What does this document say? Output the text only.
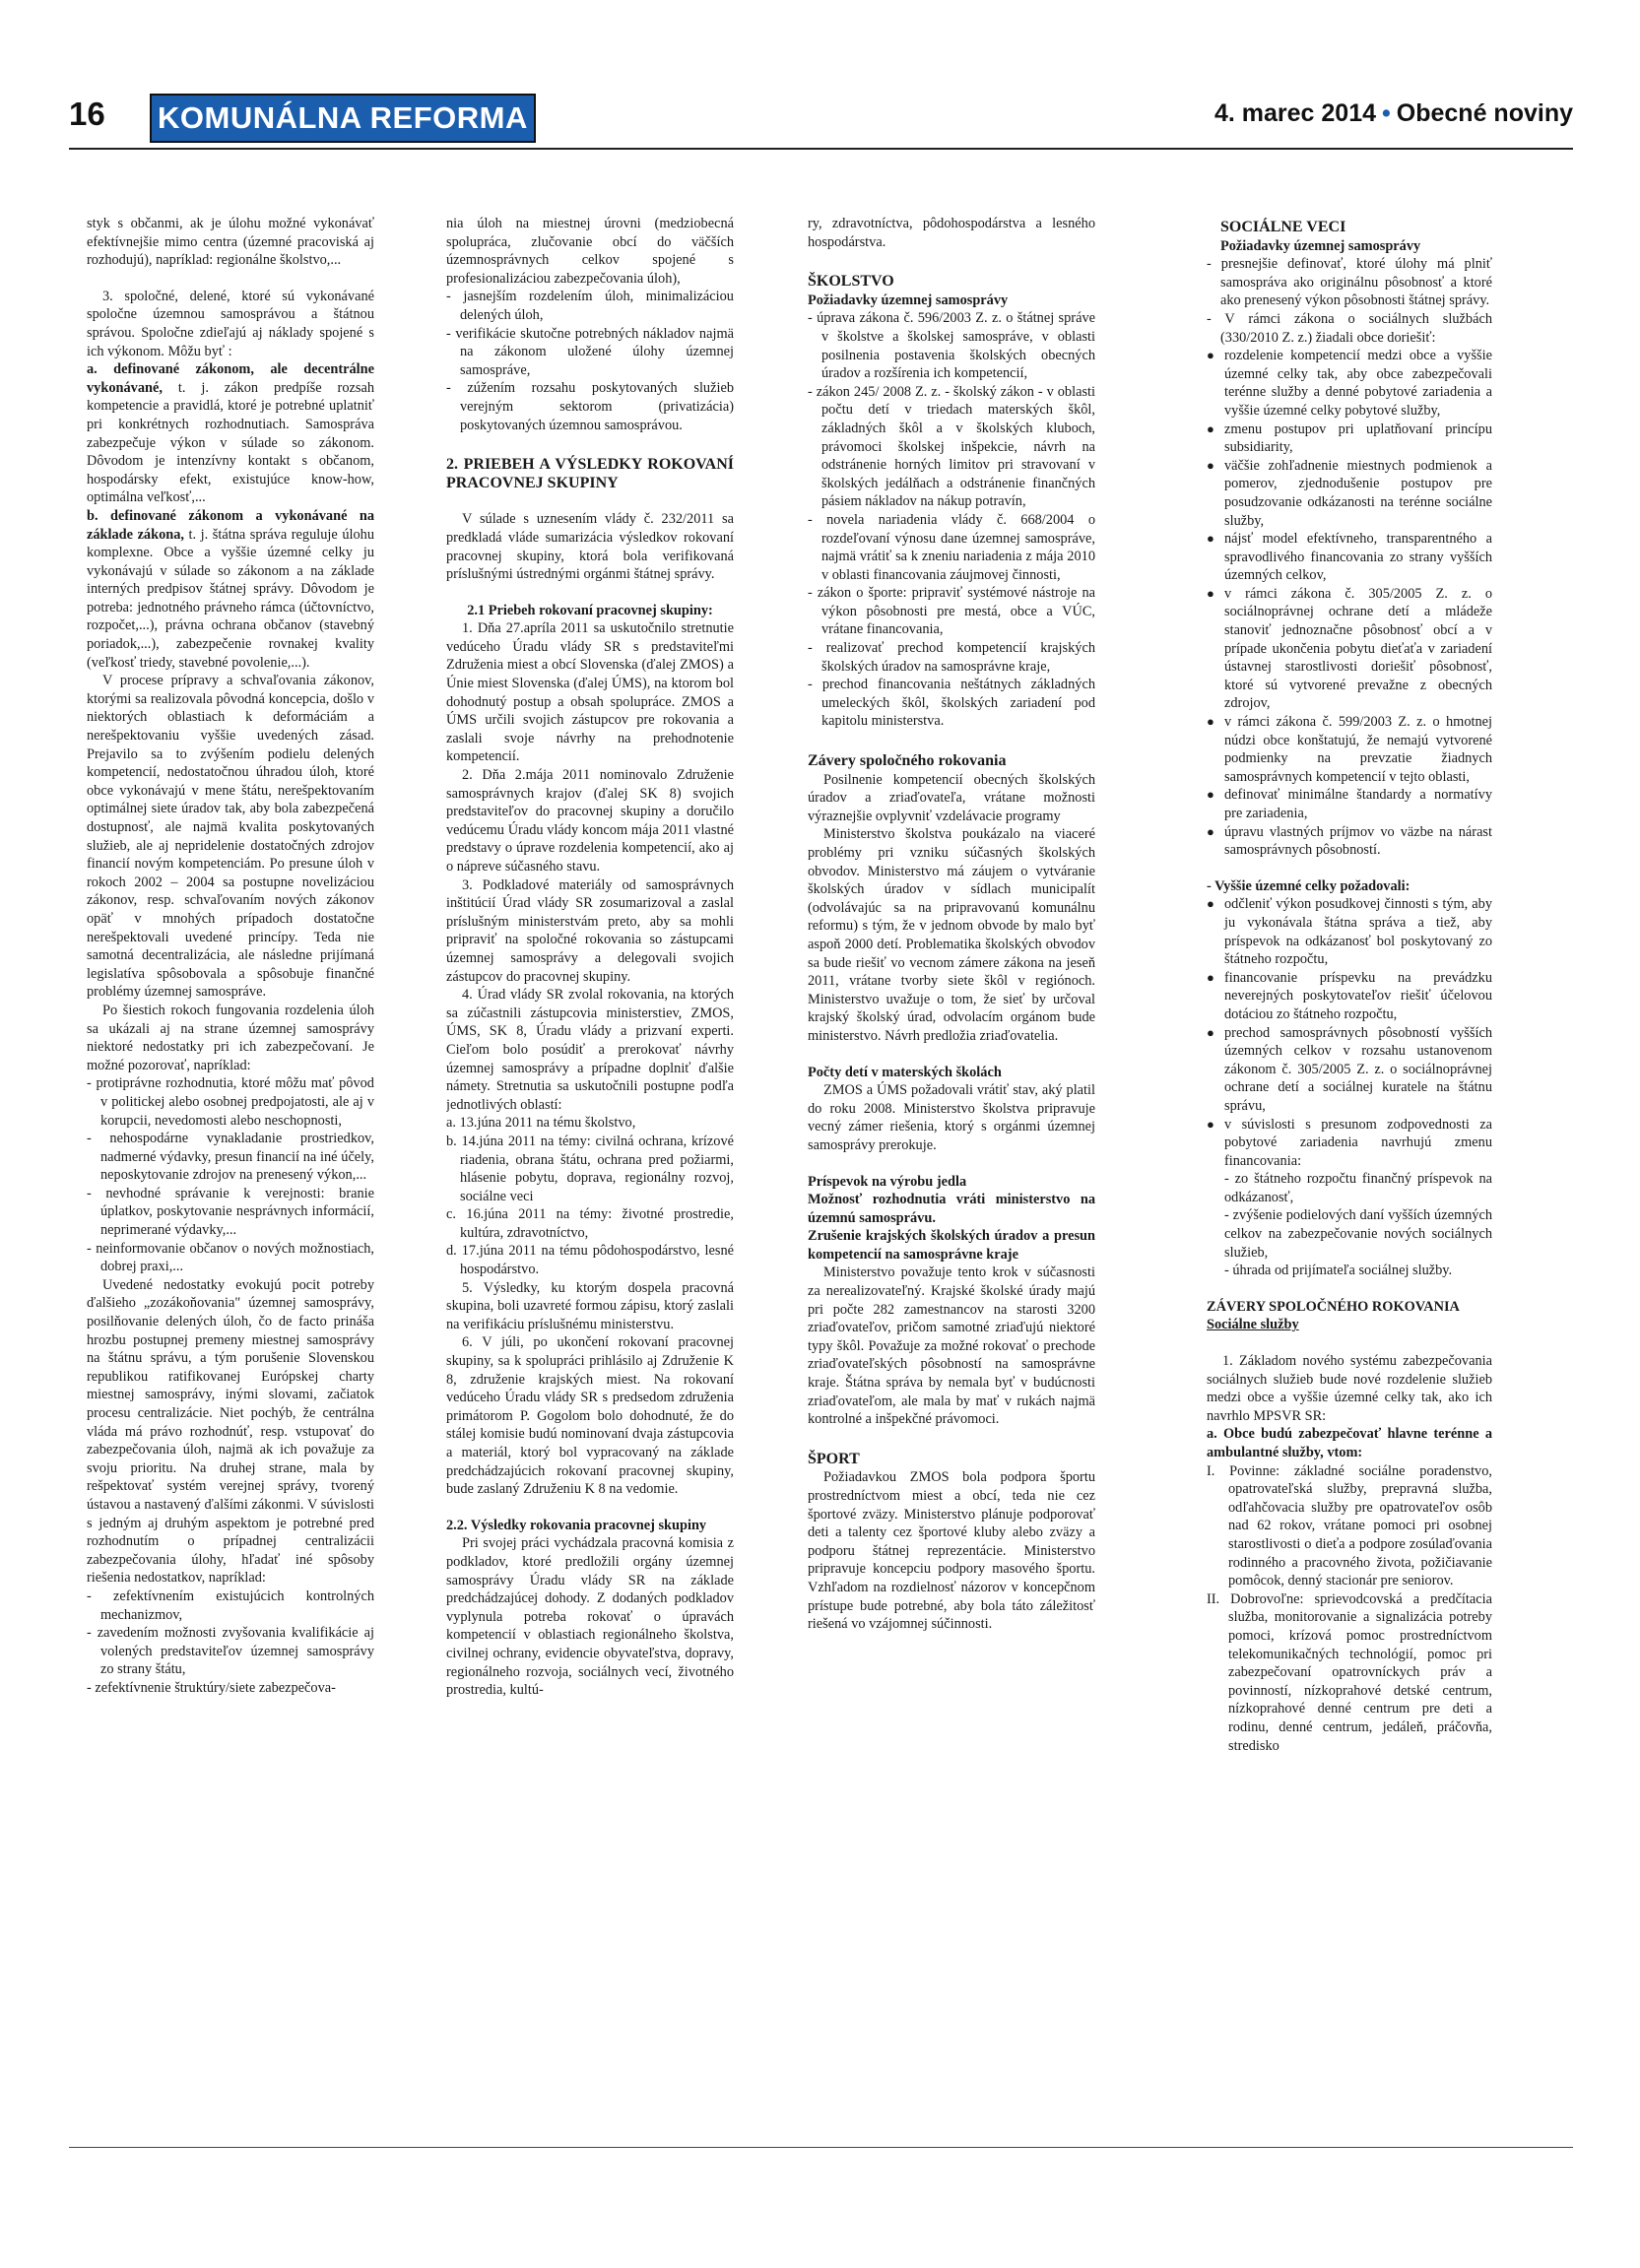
16 KOMUNÁLNA REFORMA	4. marec 2014 • Obecné noviny

styk s občanmi, ak je úlohu možné vykonávať efektívnejšie mimo centra (územné pracoviská aj rozhodujú), napríklad: regionálne školstvo,...

3. spoločné, delené, ktoré sú vykonávané spoločne územnou samosprávou a štátnou správou. Spoločne zdieľajú aj náklady spojené s ich výkonom. Môžu byť :

a. definované zákonom, ale decentrálne vykonávané, t. j. zákon predpíše rozsah kompetencie a pravidlá, ktoré je potrebné uplatniť pri konkrétnych rozhodnutiach. Samospráva zabezpečuje výkon v súlade so zákonom. Dôvodom je intenzívny kontakt s občanom, hospodársky efekt, existujúce know-how, optimálna veľkosť,...

b. definované zákonom a vykonávané na základe zákona, t. j. štátna správa reguluje úlohu komplexne. Obce a vyššie územné celky ju vykonávajú v súlade so zákonom a na základe interných predpisov štátnej správy. Dôvodom je potreba: jednotného právneho rámca (účtovníctvo, rozpočet,...), právna ochrana občanov (stavebný poriadok,...), zabezpečenie rovnakej kvality (veľkosť triedy, stavebné povolenie,...).

V procese prípravy a schvaľovania zákonov, ktorými sa realizovala pôvodná koncepcia, došlo v niektorých oblastiach k deformáciám a nerešpektovaniu vyššie uvedených zásad. Prejavilo sa to zvýšením podielu delených kompetencií, nedostatočnou úhradou úloh, ktoré obce vykonávajú v mene štátu, nerešpektovaním optimálnej siete úradov tak, aby bola zabezpečená dostupnosť, ale najmä kvalita poskytovaných služieb, ale aj nepridelenie dostatočných zdrojov financií novým kompetenciám. Po presune úloh v rokoch 2002 – 2004 sa postupne novelizáciou zákonov, resp. schvaľovaním nových zákonov opäť v mnohých prípadoch dostatočne nerešpektovali uvedené princípy. Teda nie samotná decentralizácia, ale následne prijímaná legislatíva spôsobovala a spôsobuje finančné problémy územnej samospráve.

Po šiestich rokoch fungovania rozdelenia úloh sa ukázali aj na strane územnej samosprávy niektoré nedostatky pri ich zabezpečovaní. Je možné pozorovať, napríklad:

- protiprávne rozhodnutia, ktoré môžu mať pôvod v politickej alebo osobnej predpojatosti, ale aj v korupcii, nevedomosti alebo neschopnosti,
- nehospodárne vynakladanie prostriedkov, nadmerné výdavky, presun financií na iné účely, neposkytovanie zdrojov na prenesený výkon,...
- nevhodné správanie k verejnosti: branie úplatkov, poskytovanie nesprávnych informácií, neprimerané výdavky,...
- neinformovanie občanov o nových možnostiach, dobrej praxi,...

Uvedené nedostatky evokujú pocit potreby ďalšieho „zozákoňovania" územnej samosprávy, posilňovanie delených úloh, čo de facto prináša hrozbu postupnej premeny miestnej samosprávy na štátnu správu, a tým porušenie Slovenskou republikou ratifikovanej Európskej charty miestnej samosprávy, inými slovami, začiatok procesu centralizácie. Niet pochýb, že centrálna vláda má právo rozhodnúť, resp. vstupovať do zabezpečovania úloh, najmä ak ich považuje za svoju prioritu. Na druhej strane, mala by rešpektovať systém verejnej správy, tvorený ústavou a nastavený ďalšími zákonmi. V súvislosti s jedným aj druhým aspektom je potrebné pred rozhodnutím o prípadnej centralizácii zabezpečovania úlohy, hľadať iné spôsoby riešenia nedostatkov, napríklad:

- zefektívnením existujúcich kontrolných mechanizmov,
- zavedením možnosti zvyšovania kvalifikácie aj volených predstaviteľov územnej samosprávy zo strany štátu,
- zefektívnenie štruktúry/siete zabezpečova-

nia úloh na miestnej úrovni (medziobecná spolupráca, zlučovanie obcí do väčších územnosprávnych celkov spojené s profesionalizáciou zabezpečovania úloh),

- jasnejším rozdelením úloh, minimalizáciou delených úloh,
- verifikácie skutočne potrebných nákladov najmä na zákonom uložené úlohy územnej samospráve,
- zúžením rozsahu poskytovaných služieb verejným sektorom (privatizácia) poskytovaných územnou samosprávou.

2. PRIEBEH A VÝSLEDKY ROKOVANÍ PRACOVNEJ SKUPINY

V súlade s uznesením vlády č. 232/2011 sa predkladá vláde sumarizácia výsledkov rokovaní pracovnej skupiny, ktorá bola verifikovaná príslušnými ústrednými orgánmi štátnej správy.

2.1 Priebeh rokovaní pracovnej skupiny:

1. Dňa 27.apríla 2011 sa uskutočnilo stretnutie vedúceho Úradu vlády SR s predstaviteľmi Združenia miest a obcí Slovenska (ďalej ZMOS) a Únie miest Slovenska (ďalej ÚMS), na ktorom bol dohodnutý postup a obsah spolupráce. ZMOS a ÚMS určili svojich zástupcov pre rokovania a zaslali svoje návrhy na prehodnotenie kompetencií.

2. Dňa 2.mája 2011 nominovalo Združenie samosprávnych krajov (ďalej SK 8) svojich predstaviteľov do pracovnej skupiny a doručilo vedúcemu Úradu vlády koncom mája 2011 vlastné predstavy o úprave rozdelenia kompetencií, ako aj o nápreve súčasného stavu.

3. Podkladové materiály od samosprávnych inštitúcií Úrad vlády SR zosumarizoval a zaslal príslušným ministerstvám preto, aby sa mohli pripraviť na spoločné rokovania so zástupcami územnej samosprávy a delegovali svojich zástupcov do pracovnej skupiny.

4. Úrad vlády SR zvolal rokovania, na ktorých sa zúčastnili zástupcovia ministerstiev, ZMOS, ÚMS, SK 8, Úradu vlády a prizvaní experti. Cieľom bolo posúdiť a prerokovať návrhy územnej samosprávy a prípadne doplniť ďalšie námety. Stretnutia sa uskutočnili postupne podľa jednotlivých oblastí:

a. 13.júna 2011 na tému školstvo,
b. 14.júna 2011 na témy: civilná ochrana, krízové riadenia, obrana štátu, ochrana pred požiarmi, hlásenie pobytu, doprava, regionálny rozvoj, sociálne veci
c. 16.júna 2011 na témy: životné prostredie, kultúra, zdravotníctvo,
d. 17.júna 2011 na tému pôdohospodárstvo, lesné hospodárstvo.

5. Výsledky, ku ktorým dospela pracovná skupina, boli uzavreté formou zápisu, ktorý zaslali na verifikáciu príslušnému ministerstvu.

6. V júli, po ukončení rokovaní pracovnej skupiny, sa k spolupráci prihlásilo aj Združenie K 8, združenie krajských miest. Na rokovaní vedúceho Úradu vlády SR s predsedom združenia primátorom P. Gogolom bolo dohodnuté, že do stálej komisie budú nominovaní dvaja zástupcovia a materiál, ktorý bol vypracovaný na základe predchádzajúcich rokovaní pracovnej skupiny, bude zaslaný Združeniu K 8 na vedomie.

2.2. Výsledky rokovania pracovnej skupiny

Pri svojej práci vychádzala pracovná komisia z podkladov, ktoré predložili orgány územnej samosprávy Úradu vlády SR na základe predchádzajúcej dohody. Z dodaných podkladov vyplynula potreba rokovať o úpravách kompetencií v oblastiach regionálneho školstva, civilnej ochrany, evidencie obyvateľstva, dopravy, regionálneho rozvoja, sociálnych vecí, životného prostredia, kultú-

ry, zdravotníctva, pôdohospodárstva a lesného hospodárstva.

ŠKOLSTVO

Požiadavky územnej samosprávy

- úprava zákona č. 596/2003 Z. z. o štátnej správe v školstve a školskej samospráve, v oblasti posilnenia postavenia školských obecných úradov a rozšírenia ich kompetencií,
- zákon 245/ 2008 Z. z. - školský zákon - v oblasti počtu detí v triedach materských škôl, základných škôl a v školských kluboch, právomoci školskej inšpekcie, návrh na odstránenie horných limitov pri stravovaní v školských jedálňach a odstránenie finančných pásiem nákladov na nákup potravín,
- novela nariadenia vlády č. 668/2004 o rozdeľovaní výnosu dane územnej samospráve, najmä vrátiť sa k zneniu nariadenia z mája 2010 v oblasti financovania záujmovej činnosti,
- zákon o športe: pripraviť systémové nástroje na výkon pôsobnosti pre mestá, obce a VÚC, vrátane financovania,
- realizovať prechod kompetencií krajských školských úradov na samosprávne kraje,
- prechod financovania neštátnych základných umeleckých škôl, školských zariadení pod kapitolu ministerstva.

Závery spoločného rokovania

Posilnenie kompetencií obecných školských úradov a zriaďovateľa, vrátane možnosti výraznejšie ovplyvniť vzdelávacie programy

Ministerstvo školstva poukázalo na viaceré problémy pri vzniku súčasných školských obvodov. Ministerstvo má záujem o vytváranie školských úradov v sídlach municipalít (odvolávajúc sa na pripravovanú komunálnu reformu) s tým, že v jednom obvode by malo byť aspoň 2000 detí. Problematika školských obvodov sa bude riešiť vo vecnom zámere zákona na jeseň 2011, vrátane tvorby siete škôl v regiónoch. Ministerstvo uvažuje o tom, že sieť by určoval krajský školský úrad, odvolacím orgánom bude ministerstvo. Návrh predložia zriaďovatelia.

Počty detí v materských školách

ZMOS a ÚMS požadovali vrátiť stav, aký platil do roku 2008. Ministerstvo školstva pripravuje vecný zámer riešenia, ktorý s orgánmi územnej samosprávy prerokuje.

Príspevok na výrobu jedla

Možnosť rozhodnutia vráti ministerstvo na územnú samosprávu.

Zrušenie krajských školských úradov a presun kompetencií na samosprávne kraje

Ministerstvo považuje tento krok v súčasnosti za nerealizovateľný. Krajské školské úrady majú pri počte 282 zamestnancov na starosti 3200 zriaďovateľov, pričom samotné zriaďujú niektoré typy škôl. Považuje za možné rokovať o prechode zriaďovateľských pôsobností na samosprávne kraje. Štátna správa by nemala byť v budúcnosti zriaďovateľom, ale mala by mať v rukách najmä kontrolné a inšpekčné právomoci.

ŠPORT

Požiadavkou ZMOS bola podpora športu prostredníctvom miest a obcí, teda nie cez športové zväzy. Ministerstvo plánuje podporovať deti a talenty cez športové kluby alebo zväzy a podporu štátnej reprezentácie. Ministerstvo pripravuje koncepciu podpory masového športu. Vzhľadom na rozdielnosť názorov v koncepčnom prístupe bude potrebné, aby bola táto záležitosť riešená vo vzájomnej súčinnosti.

SOCIÁLNE VECI

Požiadavky územnej samosprávy

- presnejšie definovať, ktoré úlohy má plniť samospráva ako originálnu pôsobnosť a ktoré ako prenesený výkon pôsobnosti štátnej správy.
- V rámci zákona o sociálnych službách (330/2010 Z. z.) žiadali obce doriešiť:
● rozdelenie kompetencií medzi obce a vyššie územné celky tak, aby obce zabezpečovali terénne služby a denné pobytové zariadenia a vyššie územné celky pobytové služby,
● zmenu postupov pri uplatňovaní princípu subsidiarity,
● väčšie zohľadnenie miestnych podmienok a pomerov, zjednodušenie postupov pre posudzovanie odkázanosti na terénne sociálne služby,
● nájsť model efektívneho, transparentného a spravodlivého financovania zo strany vyšších územných celkov,
● v rámci zákona č. 305/2005 Z. z. o sociálnoprávnej ochrane detí a mládeže stanoviť jednoznačne pôsobnosť obcí a v prípade ukončenia pobytu dieťaťa v zariadení ústavnej starostlivosti doriešiť pôsobnosť, ktoré sú vytvorené prevažne z obecných zdrojov,
● v rámci zákona č. 599/2003 Z. z. o hmotnej núdzi obce konštatujú, že nemajú vytvorené podmienky na prevzatie žiadnych samosprávnych kompetencií v tejto oblasti,
● definovať minimálne štandardy a normatívy pre zariadenia,
● úpravu vlastných príjmov vo väzbe na nárast samosprávnych pôsobností.

- Vyššie územné celky požadovali:

● odčleniť výkon posudkovej činnosti s tým, aby ju vykonávala štátna správa a tiež, aby príspevok na odkázanosť bol poskytovaný zo štátneho rozpočtu,
● financovanie príspevku na prevádzku neverejných poskytovateľov riešiť účelovou dotáciou zo štátneho rozpočtu,
● prechod samosprávnych pôsobností vyšších územných celkov v rozsahu ustanovenom zákonom č. 305/2005 Z. z. o sociálnoprávnej ochrane detí a sociálnej kuratele na štátnu správu,
● v súvislosti s presunom zodpovednosti za pobytové zariadenia navrhujú zmenu financovania:

- zo štátneho rozpočtu finančný príspevok na odkázanosť,

- zvýšenie podielových daní vyšších územných celkov na zabezpečovanie nových sociálnych služieb,

- úhrada od prijímateľa sociálnej služby.

ZÁVERY SPOLOČNÉHO ROKOVANIA

Sociálne služby

1. Základom nového systému zabezpečovania sociálnych služieb bude nové rozdelenie služieb medzi obce a vyššie územné celky tak, ako ich navrhlo MPSVR SR:

a. Obce budú zabezpečovať hlavne terénne a ambulantné služby, vtom:

I. Povinne: základné sociálne poradenstvo, opatrovateľská služby, prepravná služba, odľahčovacia služby pre opatrovateľov osôb nad 62 rokov, vrátane pomoci pri osobnej starostlivosti o dieťa a podpore zosúlaďovania rodinného a pracovného života, požičiavanie pomôcok, denný stacionár pre seniorov.
II. Dobrovoľne: sprievodcovská a predčítacia služba, monitorovanie a signalizácia potreby pomoci, krízová pomoc prostredníctvom telekomunikačných technológií, pomoc pri zabezpečovaní opatrovníckych práv a povinností, nízkoprahové detské centrum, nízkoprahové denné centrum pre deti a rodinu, denné centrum, jedáleň, práčovňa, stredisko
